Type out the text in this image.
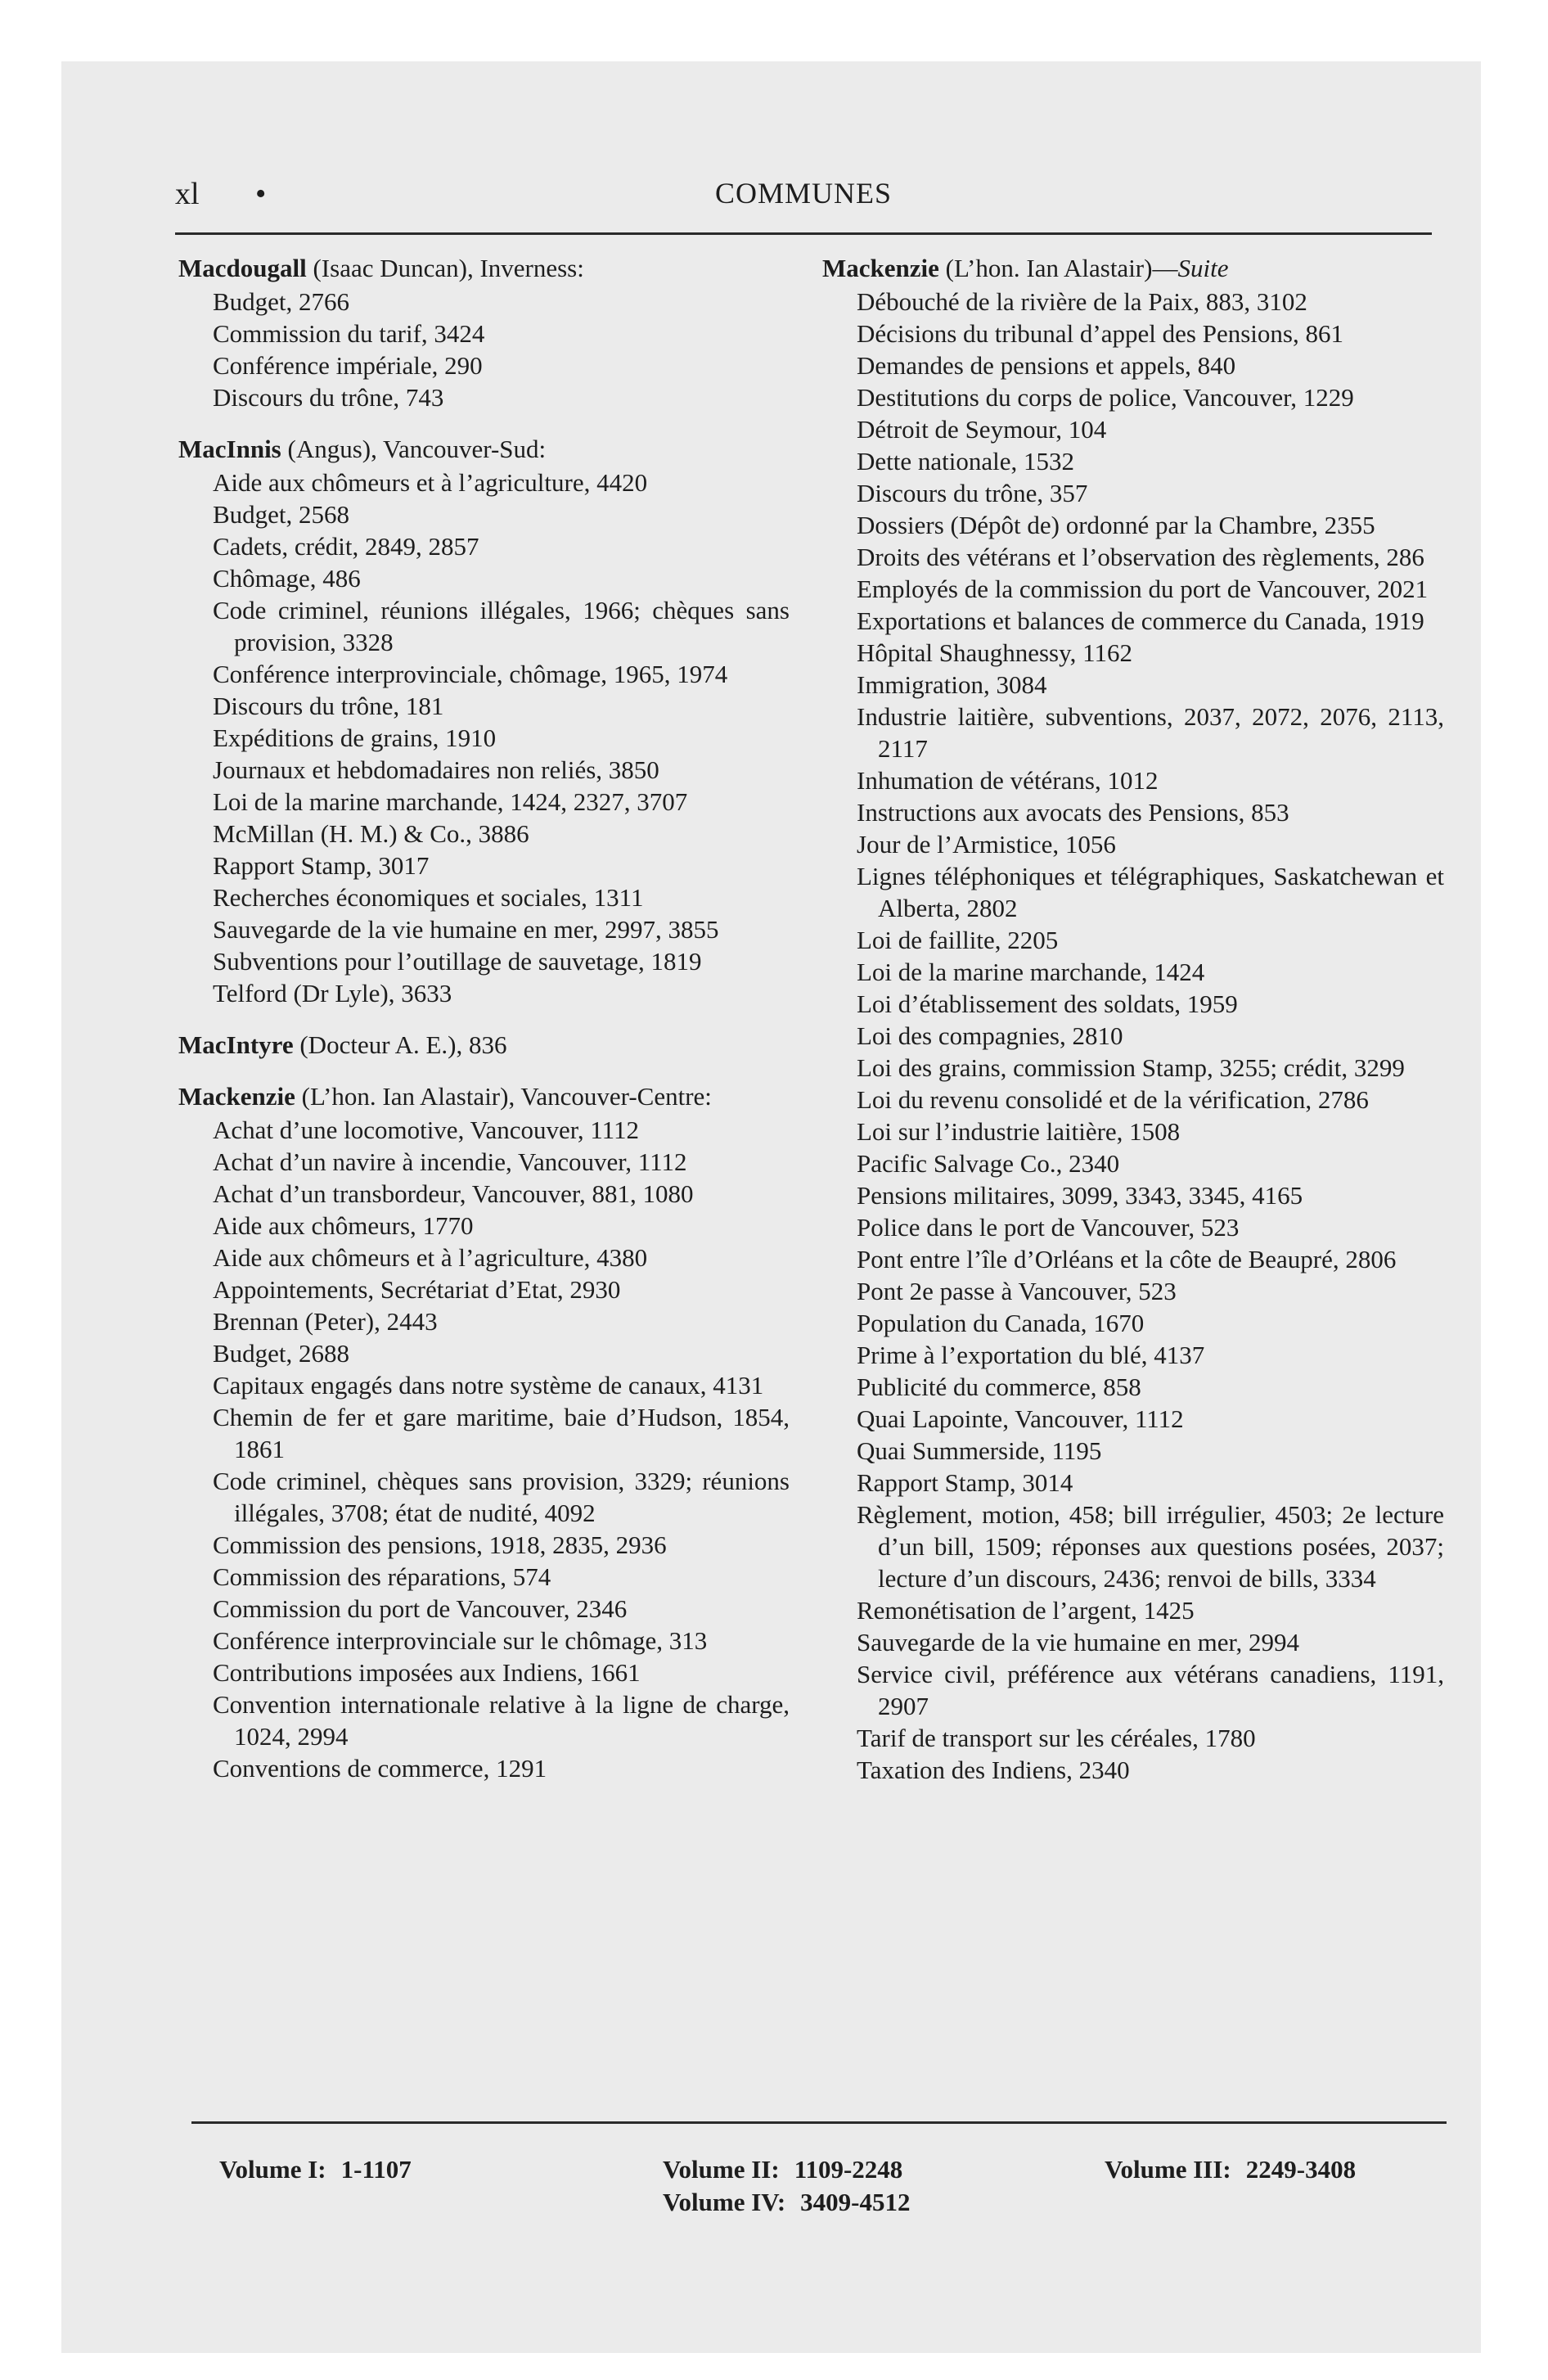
xl •	COMMUNES

Macdougall (Isaac Duncan), Inverness:

Budget, 2766

Commission du tarif, 3424

Conférence impériale, 290

Discours du trône, 743

MacInnis (Angus), Vancouver-Sud:

Aide aux chômeurs et à l’agriculture, 4420

Budget, 2568

Cadets, crédit, 2849, 2857

Chômage, 486

Code criminel, réunions illégales, 1966; chèques sans provision, 3328

Conférence interprovinciale, chômage, 1965, 1974

Discours du trône, 181

Expéditions de grains, 1910

Journaux et hebdomadaires non reliés, 3850

Loi de la marine marchande, 1424, 2327, 3707

McMillan (H. M.) & Co., 3886

Rapport Stamp, 3017

Recherches économiques et sociales, 1311

Sauvegarde de la vie humaine en mer, 2997, 3855

Subventions pour l’outillage de sauvetage, 1819

Telford (Dr Lyle), 3633

MacIntyre (Docteur A. E.), 836

Mackenzie (L’hon. Ian Alastair), Vancouver-Centre:

Achat d’une locomotive, Vancouver, 1112

Achat d’un navire à incendie, Vancouver, 1112

Achat d’un transbordeur, Vancouver, 881, 1080

Aide aux chômeurs, 1770

Aide aux chômeurs et à l’agriculture, 4380

Appointements, Secrétariat d’Etat, 2930

Brennan (Peter), 2443

Budget, 2688

Capitaux engagés dans notre système de canaux, 4131

Chemin de fer et gare maritime, baie d’Hudson, 1854, 1861

Code criminel, chèques sans provision, 3329; réunions illégales, 3708; état de nudité, 4092

Commission des pensions, 1918, 2835, 2936

Commission des réparations, 574

Commission du port de Vancouver, 2346

Conférence interprovinciale sur le chômage, 313

Contributions imposées aux Indiens, 1661

Convention internationale relative à la ligne de charge, 1024, 2994

Conventions de commerce, 1291

Mackenzie (L’hon. Ian Alastair)—Suite

Débouché de la rivière de la Paix, 883, 3102

Décisions du tribunal d’appel des Pensions, 861

Demandes de pensions et appels, 840

Destitutions du corps de police, Vancouver, 1229

Détroit de Seymour, 104

Dette nationale, 1532

Discours du trône, 357

Dossiers (Dépôt de) ordonné par la Chambre, 2355

Droits des vétérans et l’observation des règlements, 286

Employés de la commission du port de Vancouver, 2021

Exportations et balances de commerce du Canada, 1919

Hôpital Shaughnessy, 1162

Immigration, 3084

Industrie laitière, subventions, 2037, 2072, 2076, 2113, 2117

Inhumation de vétérans, 1012

Instructions aux avocats des Pensions, 853

Jour de l’Armistice, 1056

Lignes téléphoniques et télégraphiques, Saskatchewan et Alberta, 2802

Loi de faillite, 2205

Loi de la marine marchande, 1424

Loi d’établissement des soldats, 1959

Loi des compagnies, 2810

Loi des grains, commission Stamp, 3255; crédit, 3299

Loi du revenu consolidé et de la vérification, 2786

Loi sur l’industrie laitière, 1508

Pacific Salvage Co., 2340

Pensions militaires, 3099, 3343, 3345, 4165

Police dans le port de Vancouver, 523

Pont entre l’île d’Orléans et la côte de Beaupré, 2806

Pont 2e passe à Vancouver, 523

Population du Canada, 1670

Prime à l’exportation du blé, 4137

Publicité du commerce, 858

Quai Lapointe, Vancouver, 1112

Quai Summerside, 1195

Rapport Stamp, 3014

Règlement, motion, 458; bill irrégulier, 4503; 2e lecture d’un bill, 1509; réponses aux questions posées, 2037; lecture d’un discours, 2436; renvoi de bills, 3334

Remonétisation de l’argent, 1425

Sauvegarde de la vie humaine en mer, 2994

Service civil, préférence aux vétérans canadiens, 1191, 2907

Tarif de transport sur les céréales, 1780

Taxation des Indiens, 2340

Volume I: 1-1107	Volume II: 1109-2248
Volume IV: 3409-4512
Volume III: 2249-3408
